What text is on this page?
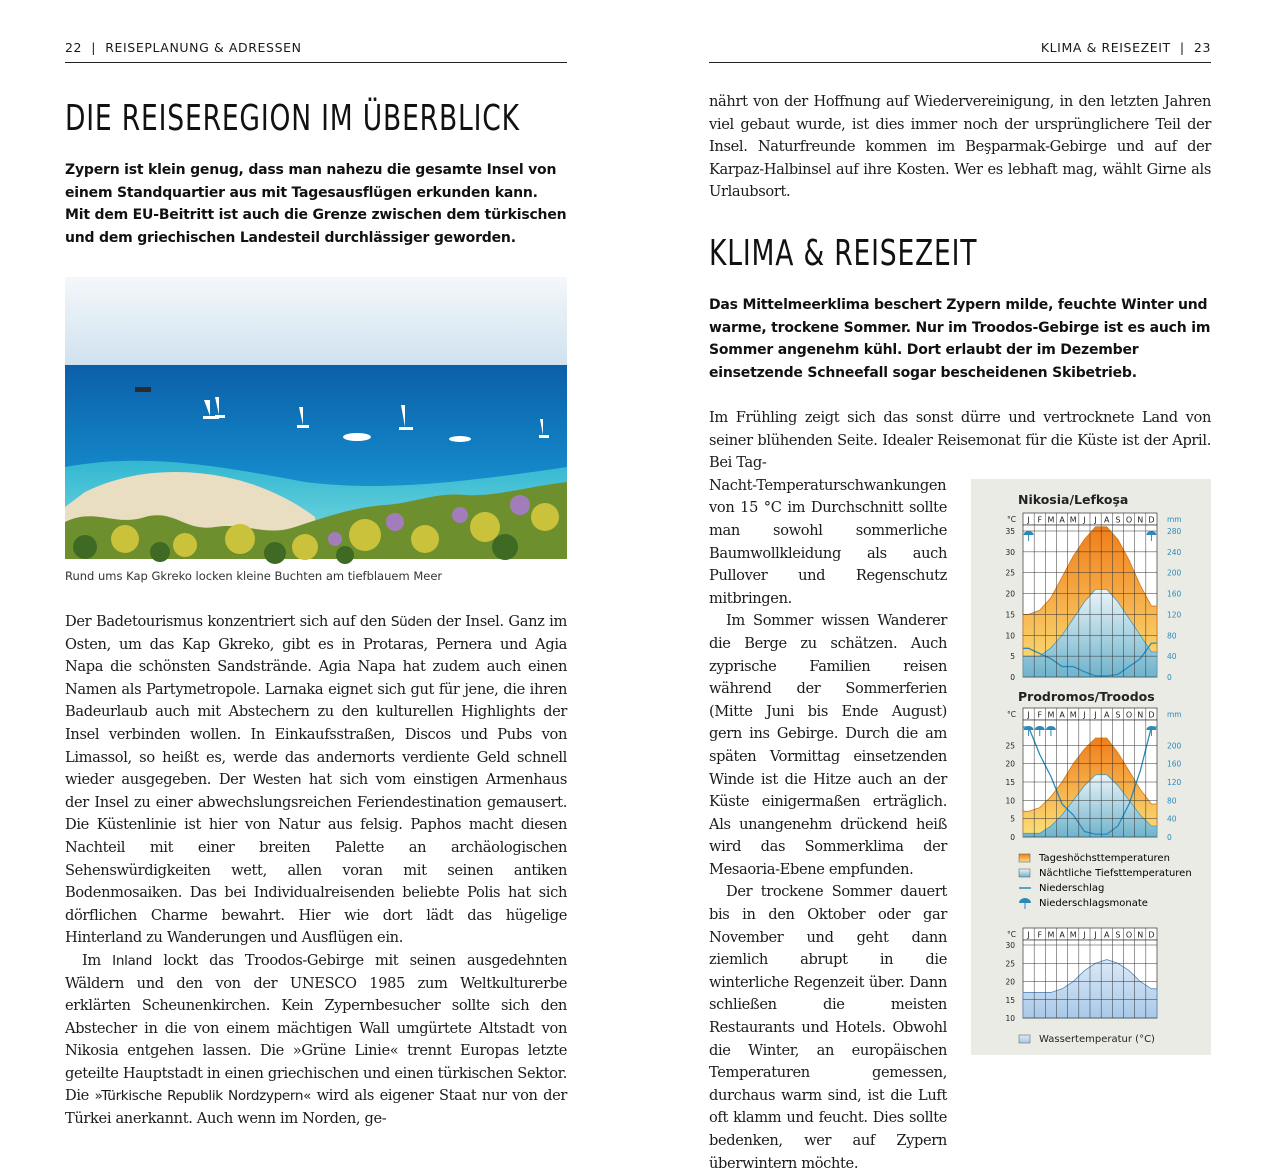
22  |  REISEPLANUNG & ADRESSEN
DIE REISEREGION IM ÜBERBLICK
Zypern ist klein genug, dass man nahezu die gesamte Insel von einem Standquartier aus mit Tagesausflügen erkunden kann. Mit dem EU-Beitritt ist auch die Grenze zwischen dem türkischen und dem griechischen Landesteil durchlässiger geworden.
Rund ums Kap Gkreko locken kleine Buchten am tiefblauem Meer

Der Badetourismus konzentriert sich auf den Süden der Insel. Ganz im Osten, um das Kap Gkreko, gibt es in Protaras, Pernera und Agia Napa die schönsten Sandstrände. Agia Napa hat zudem auch einen Namen als Partymetropole. Larnaka eignet sich gut für jene, die ihren Badeurlaub auch mit Abstechern zu den kulturellen Highlights der Insel verbinden wollen. In Einkaufsstraßen, Discos und Pubs von Limassol, so heißt es, werde das andernorts verdiente Geld schnell wieder ausgegeben. Der Westen hat sich vom einstigen Armenhaus der Insel zu einer abwechslungsreichen Feriendestination gemausert. Die Küstenlinie ist hier von Natur aus felsig. Paphos macht diesen Nachteil mit einer breiten Palette an archäologischen Sehenswürdigkeiten wett, allen voran mit seinen antiken Bodenmosaiken. Das bei Individualreisenden beliebte Polis hat sich dörflichen Charme bewahrt. Hier wie dort lädt das hügelige Hinterland zu Wanderungen und Ausflügen ein.

Im Inland lockt das Troodos-Gebirge mit seinen ausgedehnten Wäldern und den von der UNESCO 1985 zum Weltkulturerbe erklärten Scheunenkirchen. Kein Zypernbesucher sollte sich den Abstecher in die von einem mächtigen Wall umgürtete Altstadt von Nikosia entgehen lassen. Die »Grüne Linie« trennt Europas letzte geteilte Hauptstadt in einen griechischen und einen türkischen Sektor. Die »Türkische Republik Nordzypern« wird als eigener Staat nur von der Türkei anerkannt. Auch wenn im Norden, ge-

KLIMA & REISEZEIT  |  23
nährt von der Hoffnung auf Wiedervereinigung, in den letzten Jahren viel gebaut wurde, ist dies immer noch der ursprünglichere Teil der Insel. Naturfreunde kommen im Beşparmak-Gebirge und auf der Karpaz-Halbinsel auf ihre Kosten. Wer es lebhaft mag, wählt Girne als Urlaubsort.
KLIMA & REISEZEIT
Das Mittelmeerklima beschert Zypern milde, feuchte Winter und warme, trockene Sommer. Nur im Troodos-Gebirge ist es auch im Sommer angenehm kühl. Dort erlaubt der im Dezember einsetzende Schneefall sogar bescheidenen Skibetrieb.
Im Frühling zeigt sich das sonst dürre und vertrocknete Land von seiner blühenden Seite. Idealer Reisemonat für die Küste ist der April. Bei Tag-

Nacht-Temperaturschwankungen von 15 °C im Durchschnitt sollte man sowohl sommerliche Baumwollkleidung als auch Pullover und Regenschutz mitbringen.

Im Sommer wissen Wanderer die Berge zu schätzen. Auch zyprische Familien reisen während der Sommerferien (Mitte Juni bis Ende August) gern ins Gebirge. Durch die am späten Vormittag einsetzenden Winde ist die Hitze auch an der Küste einigermaßen erträglich. Als unangenehm drückend heiß wird das Sommerklima der Mesaoria-Ebene empfunden.

Der trockene Sommer dauert bis in den Oktober oder gar November und geht dann ziemlich abrupt in die winterliche Regenzeit über. Dann schließen die meisten Restaurants und Hotels. Obwohl die Winter, an europäischen Temperaturen gemessen, durchaus warm sind, ist die Luft oft klamm und feucht. Dies sollte bedenken, wer auf Zypern überwintern möchte.

Nikosia/Lefkoşa
J F M A M J J A S O N D
°C	mm
35	280
30	240
25	200
20	160
15	120
10	80
5	40
0	0
Prodromos/Troodos
J F M A M J J A S O N D
°C	mm
25	200
20	160
15	120
10	80
5	40
0	0
J F M A M J J A S O N D
°C
30
25
20
15
10
Wassertemperatur (°C)
Tageshöchsttemperaturen
Nächtliche Tiefsttemperaturen
Niederschlag
Niederschlagsmonate
